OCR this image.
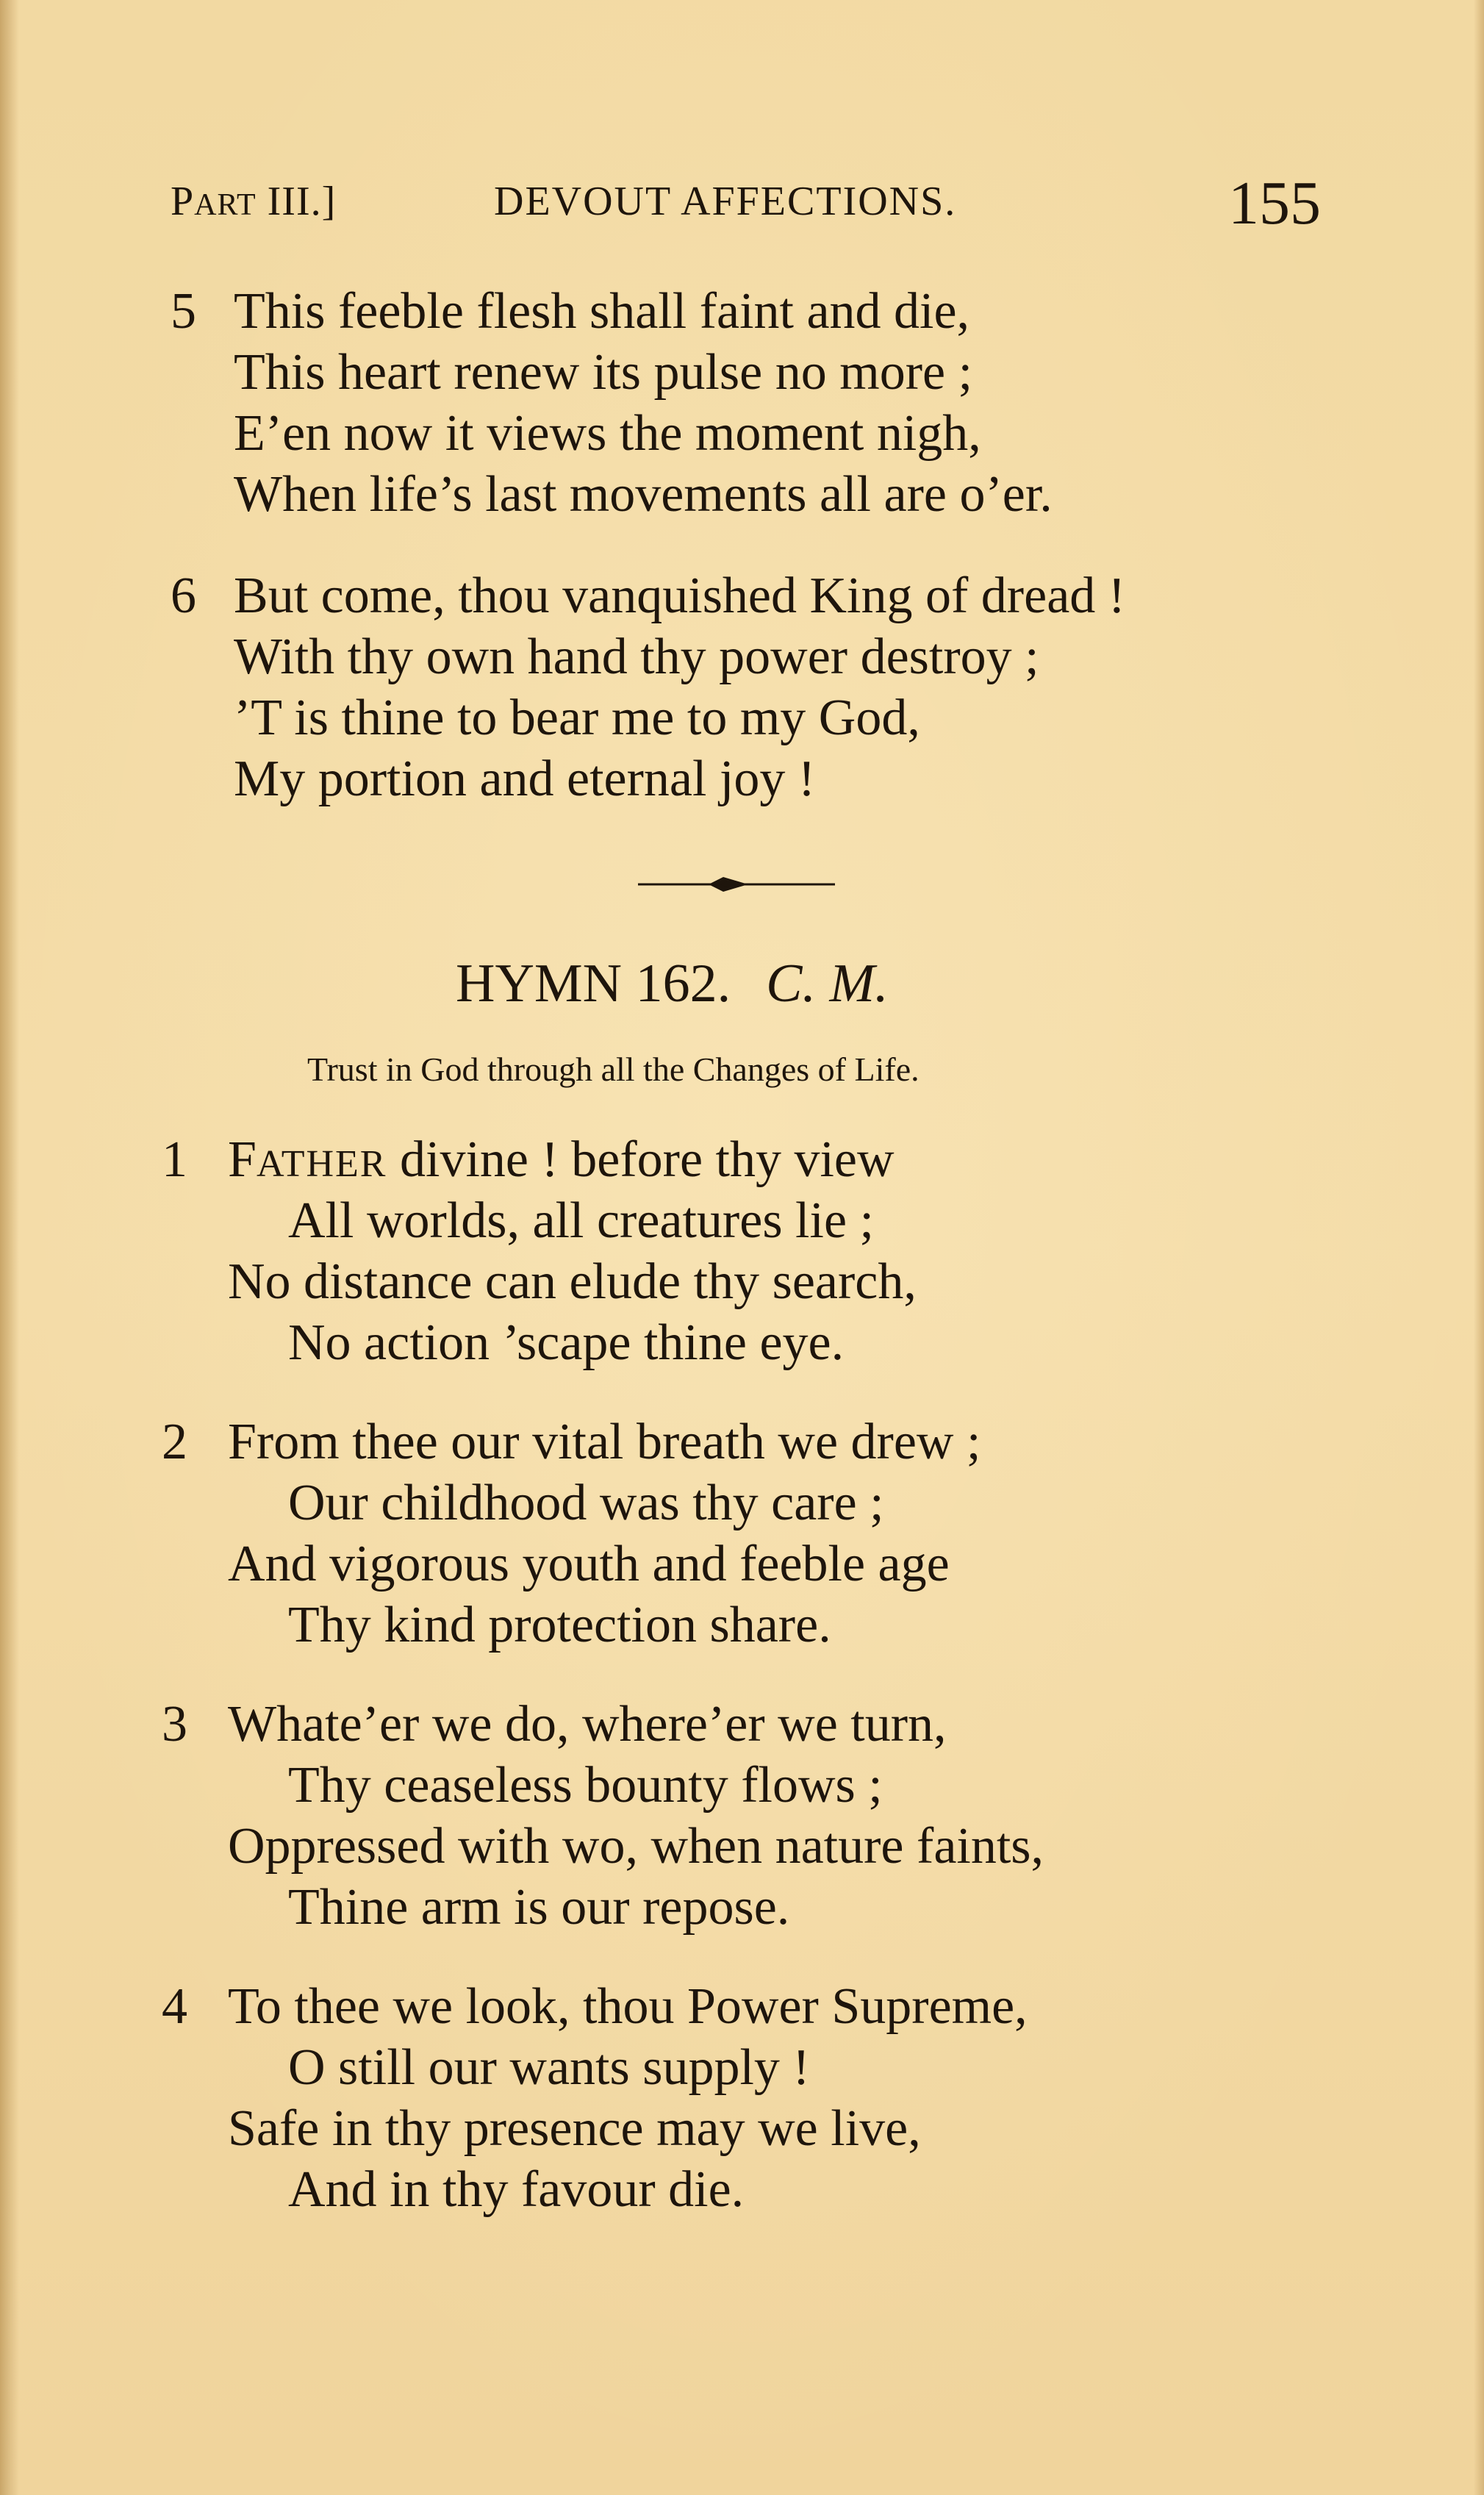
PART III.]	DEVOUT AFFECTIONS.	155
5 This feeble flesh shall faint and die,
This heart renew its pulse no more ;
E’en now it views the moment nigh,
When life’s last movements all are o’er.
6 But come, thou vanquished King of dread !
With thy own hand thy power destroy ;
’T is thine to bear me to my God,
My portion and eternal joy !
HYMN 162. C. M.
Trust in God through all the Changes of Life.
1 FATHER divine ! before thy view
All worlds, all creatures lie ;
No distance can elude thy search,
No action ’scape thine eye.
2 From thee our vital breath we drew ;
Our childhood was thy care ;
And vigorous youth and feeble age
Thy kind protection share.
3 Whate’er we do, where’er we turn,
Thy ceaseless bounty flows ;
Oppressed with wo, when nature faints,
Thine arm is our repose.
4 To thee we look, thou Power Supreme,
O still our wants supply !
Safe in thy presence may we live,
And in thy favour die.
